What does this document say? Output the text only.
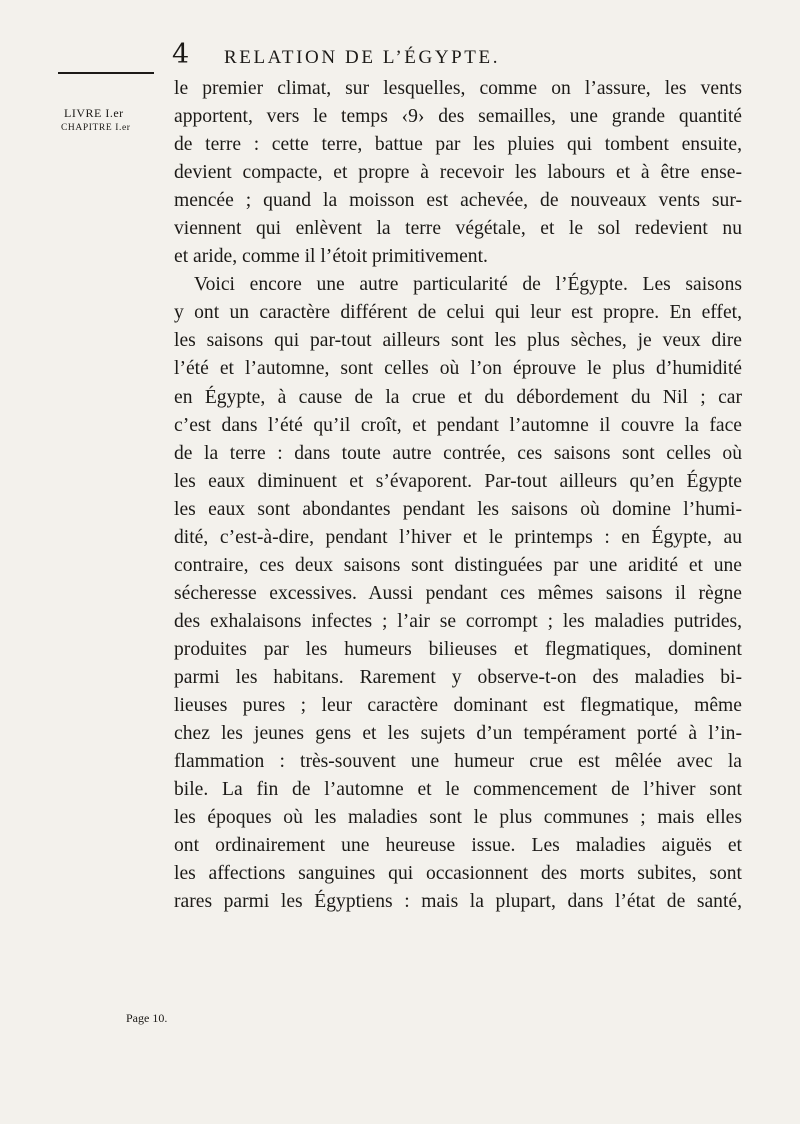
4 RELATION DE L’ÉGYPTE.
LIVRE I.er
CHAPITRE I.er
Page 10.
le premier climat, sur lesquelles, comme on l’assure, les vents
apportent, vers le temps ‹9› des semailles, une grande quantité
de terre : cette terre, battue par les pluies qui tombent ensuite,
devient compacte, et propre à recevoir les labours et à être ense-
mencée ; quand la moisson est achevée, de nouveaux vents sur-
viennent qui enlèvent la terre végétale, et le sol redevient nu
et aride, comme il l’étoit primitivement.
Voici encore une autre particularité de l’Égypte. Les saisons
y ont un caractère différent de celui qui leur est propre. En effet,
les saisons qui par-tout ailleurs sont les plus sèches, je veux dire
l’été et l’automne, sont celles où l’on éprouve le plus d’humidité
en Égypte, à cause de la crue et du débordement du Nil ; car
c’est dans l’été qu’il croît, et pendant l’automne il couvre la face
de la terre : dans toute autre contrée, ces saisons sont celles où
les eaux diminuent et s’évaporent. Par-tout ailleurs qu’en Égypte
les eaux sont abondantes pendant les saisons où domine l’humi-
dité, c’est-à-dire, pendant l’hiver et le printemps : en Égypte, au
contraire, ces deux saisons sont distinguées par une aridité et une
sécheresse excessives. Aussi pendant ces mêmes saisons il règne
des exhalaisons infectes ; l’air se corrompt ; les maladies putrides,
produites par les humeurs bilieuses et flegmatiques, dominent
parmi les habitans. Rarement y observe-t-on des maladies bi-
lieuses pures ; leur caractère dominant est flegmatique, même
chez les jeunes gens et les sujets d’un tempérament porté à l’in-
flammation : très-souvent une humeur crue est mêlée avec la
bile. La fin de l’automne et le commencement de l’hiver sont
les époques où les maladies sont le plus communes ; mais elles
ont ordinairement une heureuse issue. Les maladies aiguës et
les affections sanguines qui occasionnent des morts subites, sont
rares parmi les Égyptiens : mais la plupart, dans l’état de santé,
